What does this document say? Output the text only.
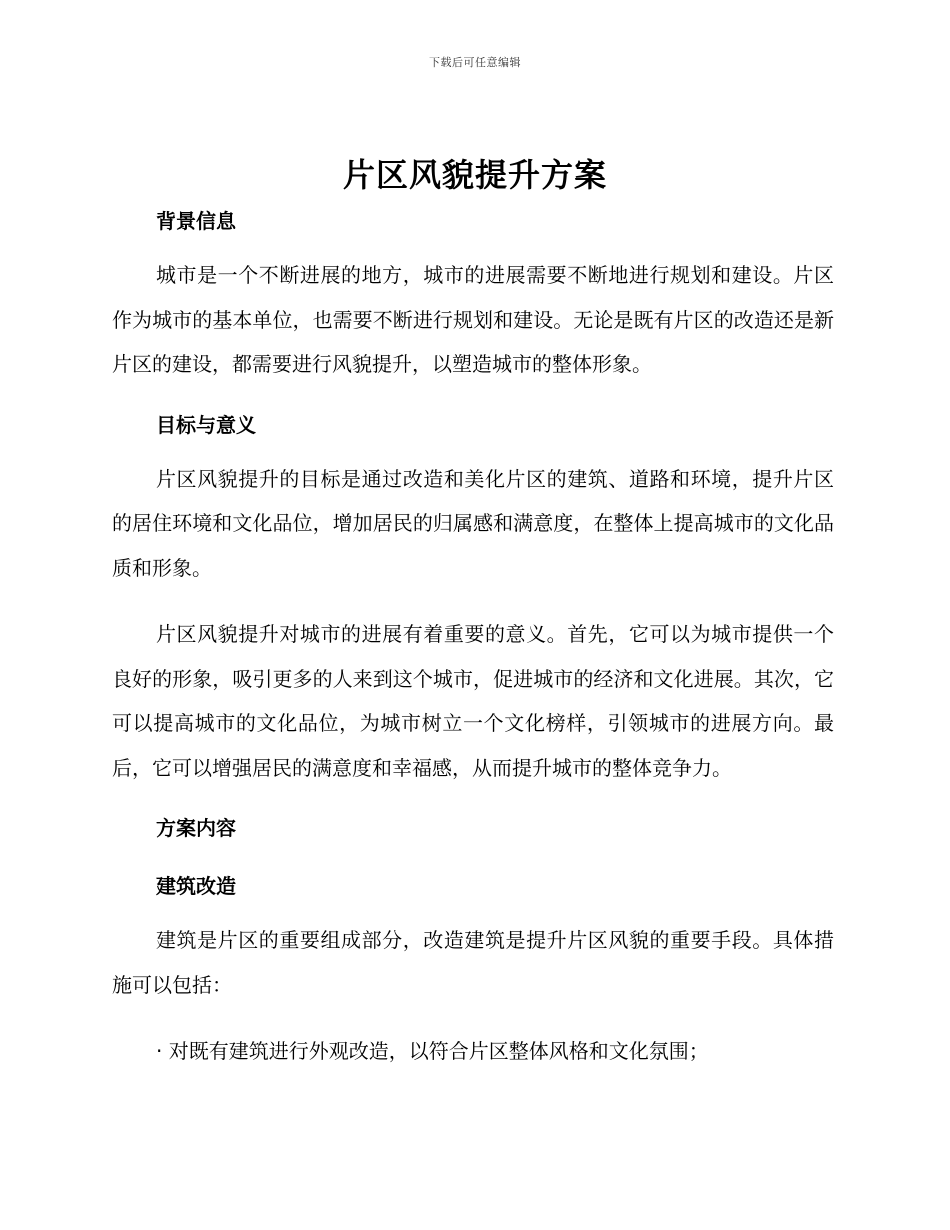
下载后可任意编辑
片区风貌提升方案
背景信息

城市是一个不断进展的地方，城市的进展需要不断地进行规划和建设。片区作为城市的基本单位，也需要不断进行规划和建设。无论是既有片区的改造还是新片区的建设，都需要进行风貌提升，以塑造城市的整体形象。

目标与意义

片区风貌提升的目标是通过改造和美化片区的建筑、道路和环境，提升片区的居住环境和文化品位，增加居民的归属感和满意度，在整体上提高城市的文化品质和形象。

片区风貌提升对城市的进展有着重要的意义。首先，它可以为城市提供一个良好的形象，吸引更多的人来到这个城市，促进城市的经济和文化进展。其次，它可以提高城市的文化品位，为城市树立一个文化榜样，引领城市的进展方向。最后，它可以增强居民的满意度和幸福感，从而提升城市的整体竞争力。

方案内容
建筑改造

建筑是片区的重要组成部分，改造建筑是提升片区风貌的重要手段。具体措施可以包括：

· 对既有建筑进行外观改造，以符合片区整体风格和文化氛围；
